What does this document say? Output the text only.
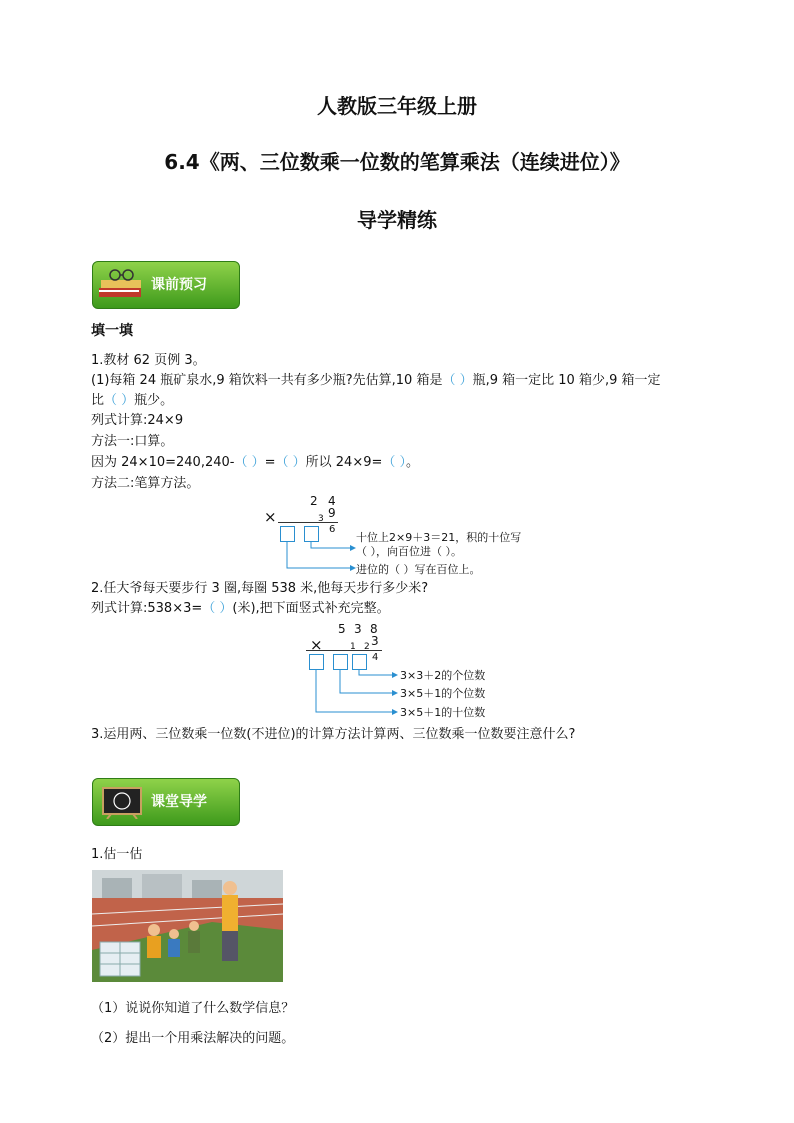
人教版三年级上册
6.4《两、三位数乘一位数的笔算乘法（连续进位）》
导学精练
课前预习
填一填
1.教材 62 页例 3。
(1)每箱 24 瓶矿泉水,9 箱饮料一共有多少瓶?先估算,10 箱是（ ）瓶,9 箱一定比 10 箱少,9 箱一定
比（ ）瓶少。
列式计算:24×9
方法一:口算。
因为 24×10=240,240-（ ）=（ ）所以 24×9=（ ）。
方法二:笔算方法。
2 4
×	3 9
6
十位上2×9＋3＝21，积的十位写
（ ），向百位进（ ）。
进位的（ ）写在百位上。
2.任大爷每天要步行 3 圈,每圈 538 米,他每天步行多少米?
列式计算:538×3=（ ）(米),把下面竖式补充完整。
5 3 8
×	1 2 3
4
3×3＋2的个位数
3×5＋1的个位数
3×5＋1的十位数
3.运用两、三位数乘一位数(不进位)的计算方法计算两、三位数乘一位数要注意什么?
课堂导学
1.估一估
（1）说说你知道了什么数学信息？
（2）提出一个用乘法解决的问题。
